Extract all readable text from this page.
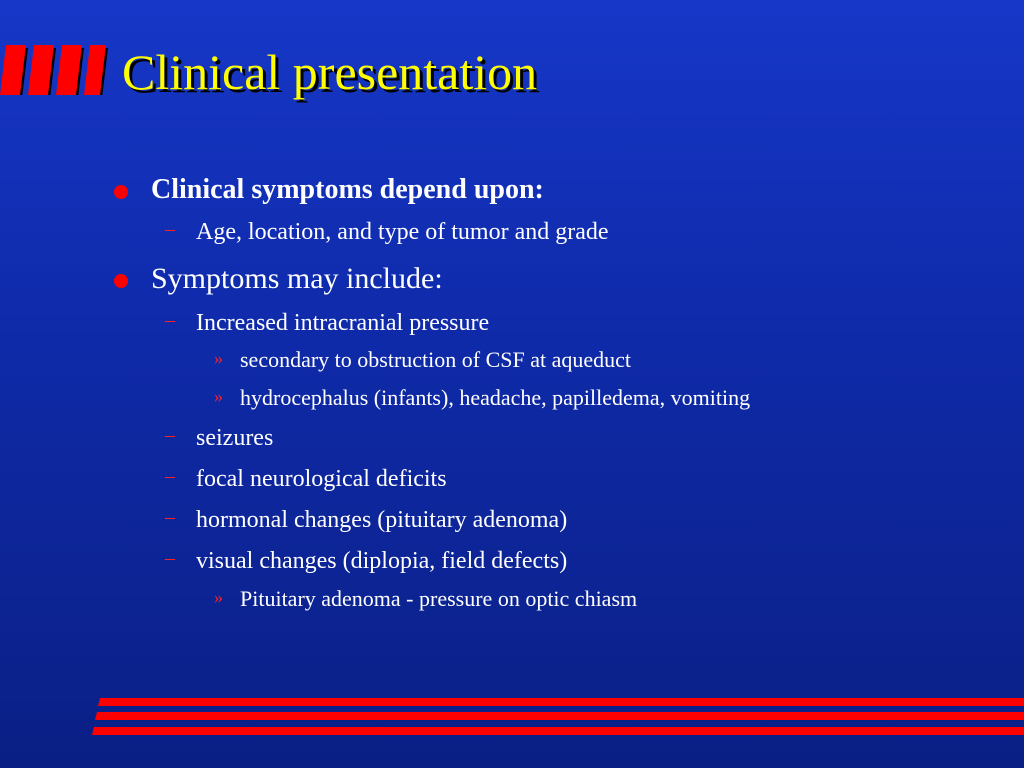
Clinical presentation
Clinical symptoms depend upon:
– Age, location, and type of tumor and grade
Symptoms may include:
– Increased intracranial pressure
» secondary to obstruction of CSF at aqueduct
» hydrocephalus (infants), headache, papilledema, vomiting
– seizures
– focal neurological deficits
– hormonal changes (pituitary adenoma)
– visual changes (diplopia, field defects)
» Pituitary adenoma - pressure on optic chiasm
